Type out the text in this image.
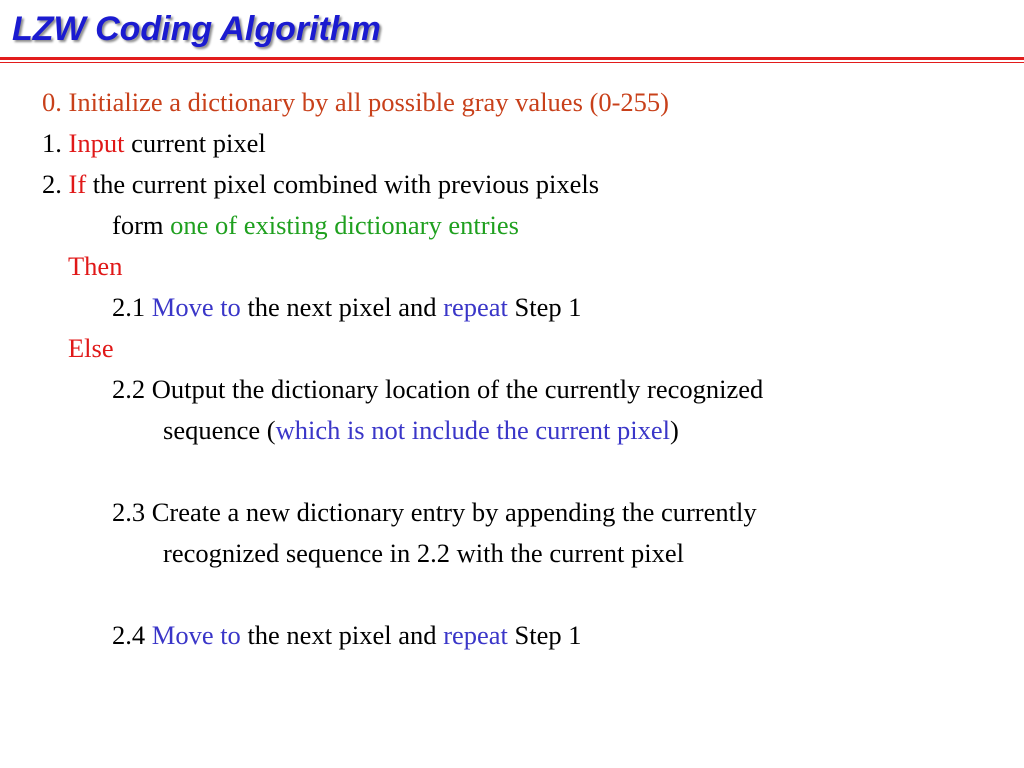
LZW Coding Algorithm
0. Initialize a dictionary by all possible gray values (0-255)
1. Input current pixel
2. If the current pixel combined with previous pixels
form one of existing dictionary entries
Then
2.1 Move to the next pixel and repeat Step 1
Else
2.2 Output the dictionary location of the currently recognized
sequence (which is not include the current pixel)
2.3 Create a new dictionary entry by appending the currently
recognized sequence in 2.2 with the current pixel
2.4 Move to the next pixel and repeat Step 1
